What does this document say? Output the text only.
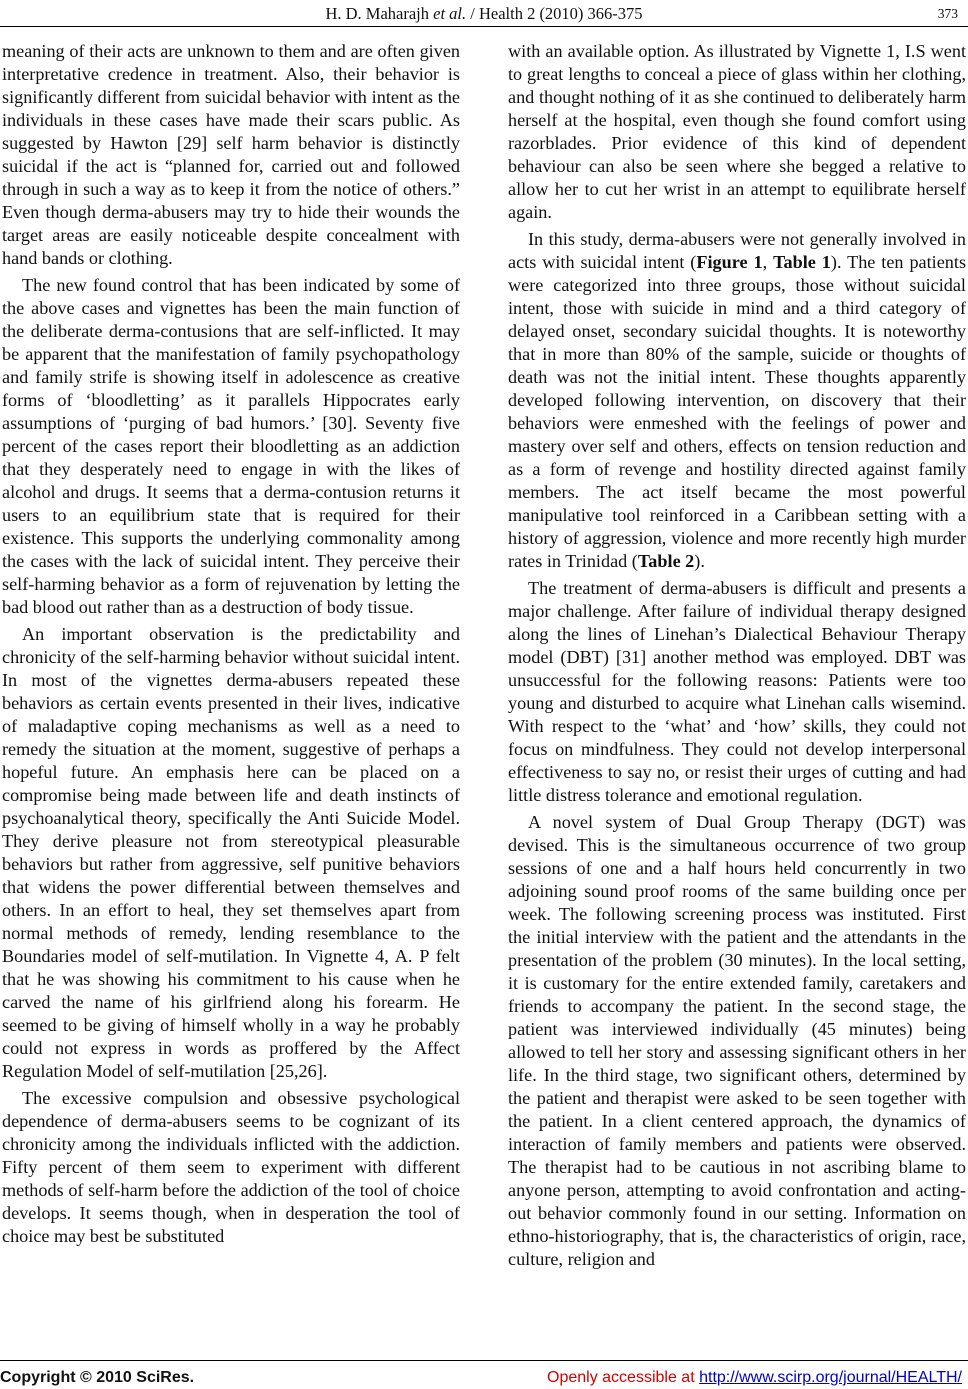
H. D. Maharajh et al. / Health 2 (2010) 366-375	373

meaning of their acts are unknown to them and are often given interpretative credence in treatment. Also, their behavior is significantly different from suicidal behavior with intent as the individuals in these cases have made their scars public. As suggested by Hawton [29] self harm behavior is distinctly suicidal if the act is “planned for, carried out and followed through in such a way as to keep it from the notice of others.” Even though derma-abusers may try to hide their wounds the target areas are easily noticeable despite concealment with hand bands or clothing.

The new found control that has been indicated by some of the above cases and vignettes has been the main function of the deliberate derma-contusions that are self-inflicted. It may be apparent that the manifestation of family psychopathology and family strife is showing itself in adolescence as creative forms of ‘bloodletting’ as it parallels Hippocrates early assumptions of ‘purging of bad humors.’ [30]. Seventy five percent of the cases report their bloodletting as an addiction that they desperately need to engage in with the likes of alcohol and drugs. It seems that a derma-contusion returns it users to an equilibrium state that is required for their existence. This supports the underlying commonality among the cases with the lack of suicidal intent. They perceive their self-harming behavior as a form of rejuvenation by letting the bad blood out rather than as a destruction of body tissue.

An important observation is the predictability and chronicity of the self-harming behavior without suicidal intent. In most of the vignettes derma-abusers repeated these behaviors as certain events presented in their lives, indicative of maladaptive coping mechanisms as well as a need to remedy the situation at the moment, suggestive of perhaps a hopeful future. An emphasis here can be placed on a compromise being made between life and death instincts of psychoanalytical theory, specifically the Anti Suicide Model. They derive pleasure not from stereotypical pleasurable behaviors but rather from aggressive, self punitive behaviors that widens the power differential between themselves and others. In an effort to heal, they set themselves apart from normal methods of remedy, lending resemblance to the Boundaries model of self-mutilation. In Vignette 4, A. P felt that he was showing his commitment to his cause when he carved the name of his girlfriend along his forearm. He seemed to be giving of himself wholly in a way he probably could not express in words as proffered by the Affect Regulation Model of self-mutilation [25,26].

The excessive compulsion and obsessive psychological dependence of derma-abusers seems to be cognizant of its chronicity among the individuals inflicted with the addiction. Fifty percent of them seem to experiment with different methods of self-harm before the addiction of the tool of choice develops. It seems though, when in desperation the tool of choice may best be substituted

with an available option. As illustrated by Vignette 1, I.S went to great lengths to conceal a piece of glass within her clothing, and thought nothing of it as she continued to deliberately harm herself at the hospital, even though she found comfort using razorblades. Prior evidence of this kind of dependent behaviour can also be seen where she begged a relative to allow her to cut her wrist in an attempt to equilibrate herself again.

In this study, derma-abusers were not generally involved in acts with suicidal intent (Figure 1, Table 1). The ten patients were categorized into three groups, those without suicidal intent, those with suicide in mind and a third category of delayed onset, secondary suicidal thoughts. It is noteworthy that in more than 80% of the sample, suicide or thoughts of death was not the initial intent. These thoughts apparently developed following intervention, on discovery that their behaviors were enmeshed with the feelings of power and mastery over self and others, effects on tension reduction and as a form of revenge and hostility directed against family members. The act itself became the most powerful manipulative tool reinforced in a Caribbean setting with a history of aggression, violence and more recently high murder rates in Trinidad (Table 2).

The treatment of derma-abusers is difficult and presents a major challenge. After failure of individual therapy designed along the lines of Linehan’s Dialectical Behaviour Therapy model (DBT) [31] another method was employed. DBT was unsuccessful for the following reasons: Patients were too young and disturbed to acquire what Linehan calls wisemind. With respect to the ‘what’ and ‘how’ skills, they could not focus on mindfulness. They could not develop interpersonal effectiveness to say no, or resist their urges of cutting and had little distress tolerance and emotional regulation.

A novel system of Dual Group Therapy (DGT) was devised. This is the simultaneous occurrence of two group sessions of one and a half hours held concurrently in two adjoining sound proof rooms of the same building once per week. The following screening process was instituted. First the initial interview with the patient and the attendants in the presentation of the problem (30 minutes). In the local setting, it is customary for the entire extended family, caretakers and friends to accompany the patient. In the second stage, the patient was interviewed individually (45 minutes) being allowed to tell her story and assessing significant others in her life. In the third stage, two significant others, determined by the patient and therapist were asked to be seen together with the patient. In a client centered approach, the dynamics of interaction of family members and patients were observed. The therapist had to be cautious in not ascribing blame to anyone person, attempting to avoid confrontation and acting-out behavior commonly found in our setting. Information on ethno-historiography, that is, the characteristics of origin, race, culture, religion and

Copyright © 2010 SciRes.	Openly accessible at http://www.scirp.org/journal/HEALTH/
